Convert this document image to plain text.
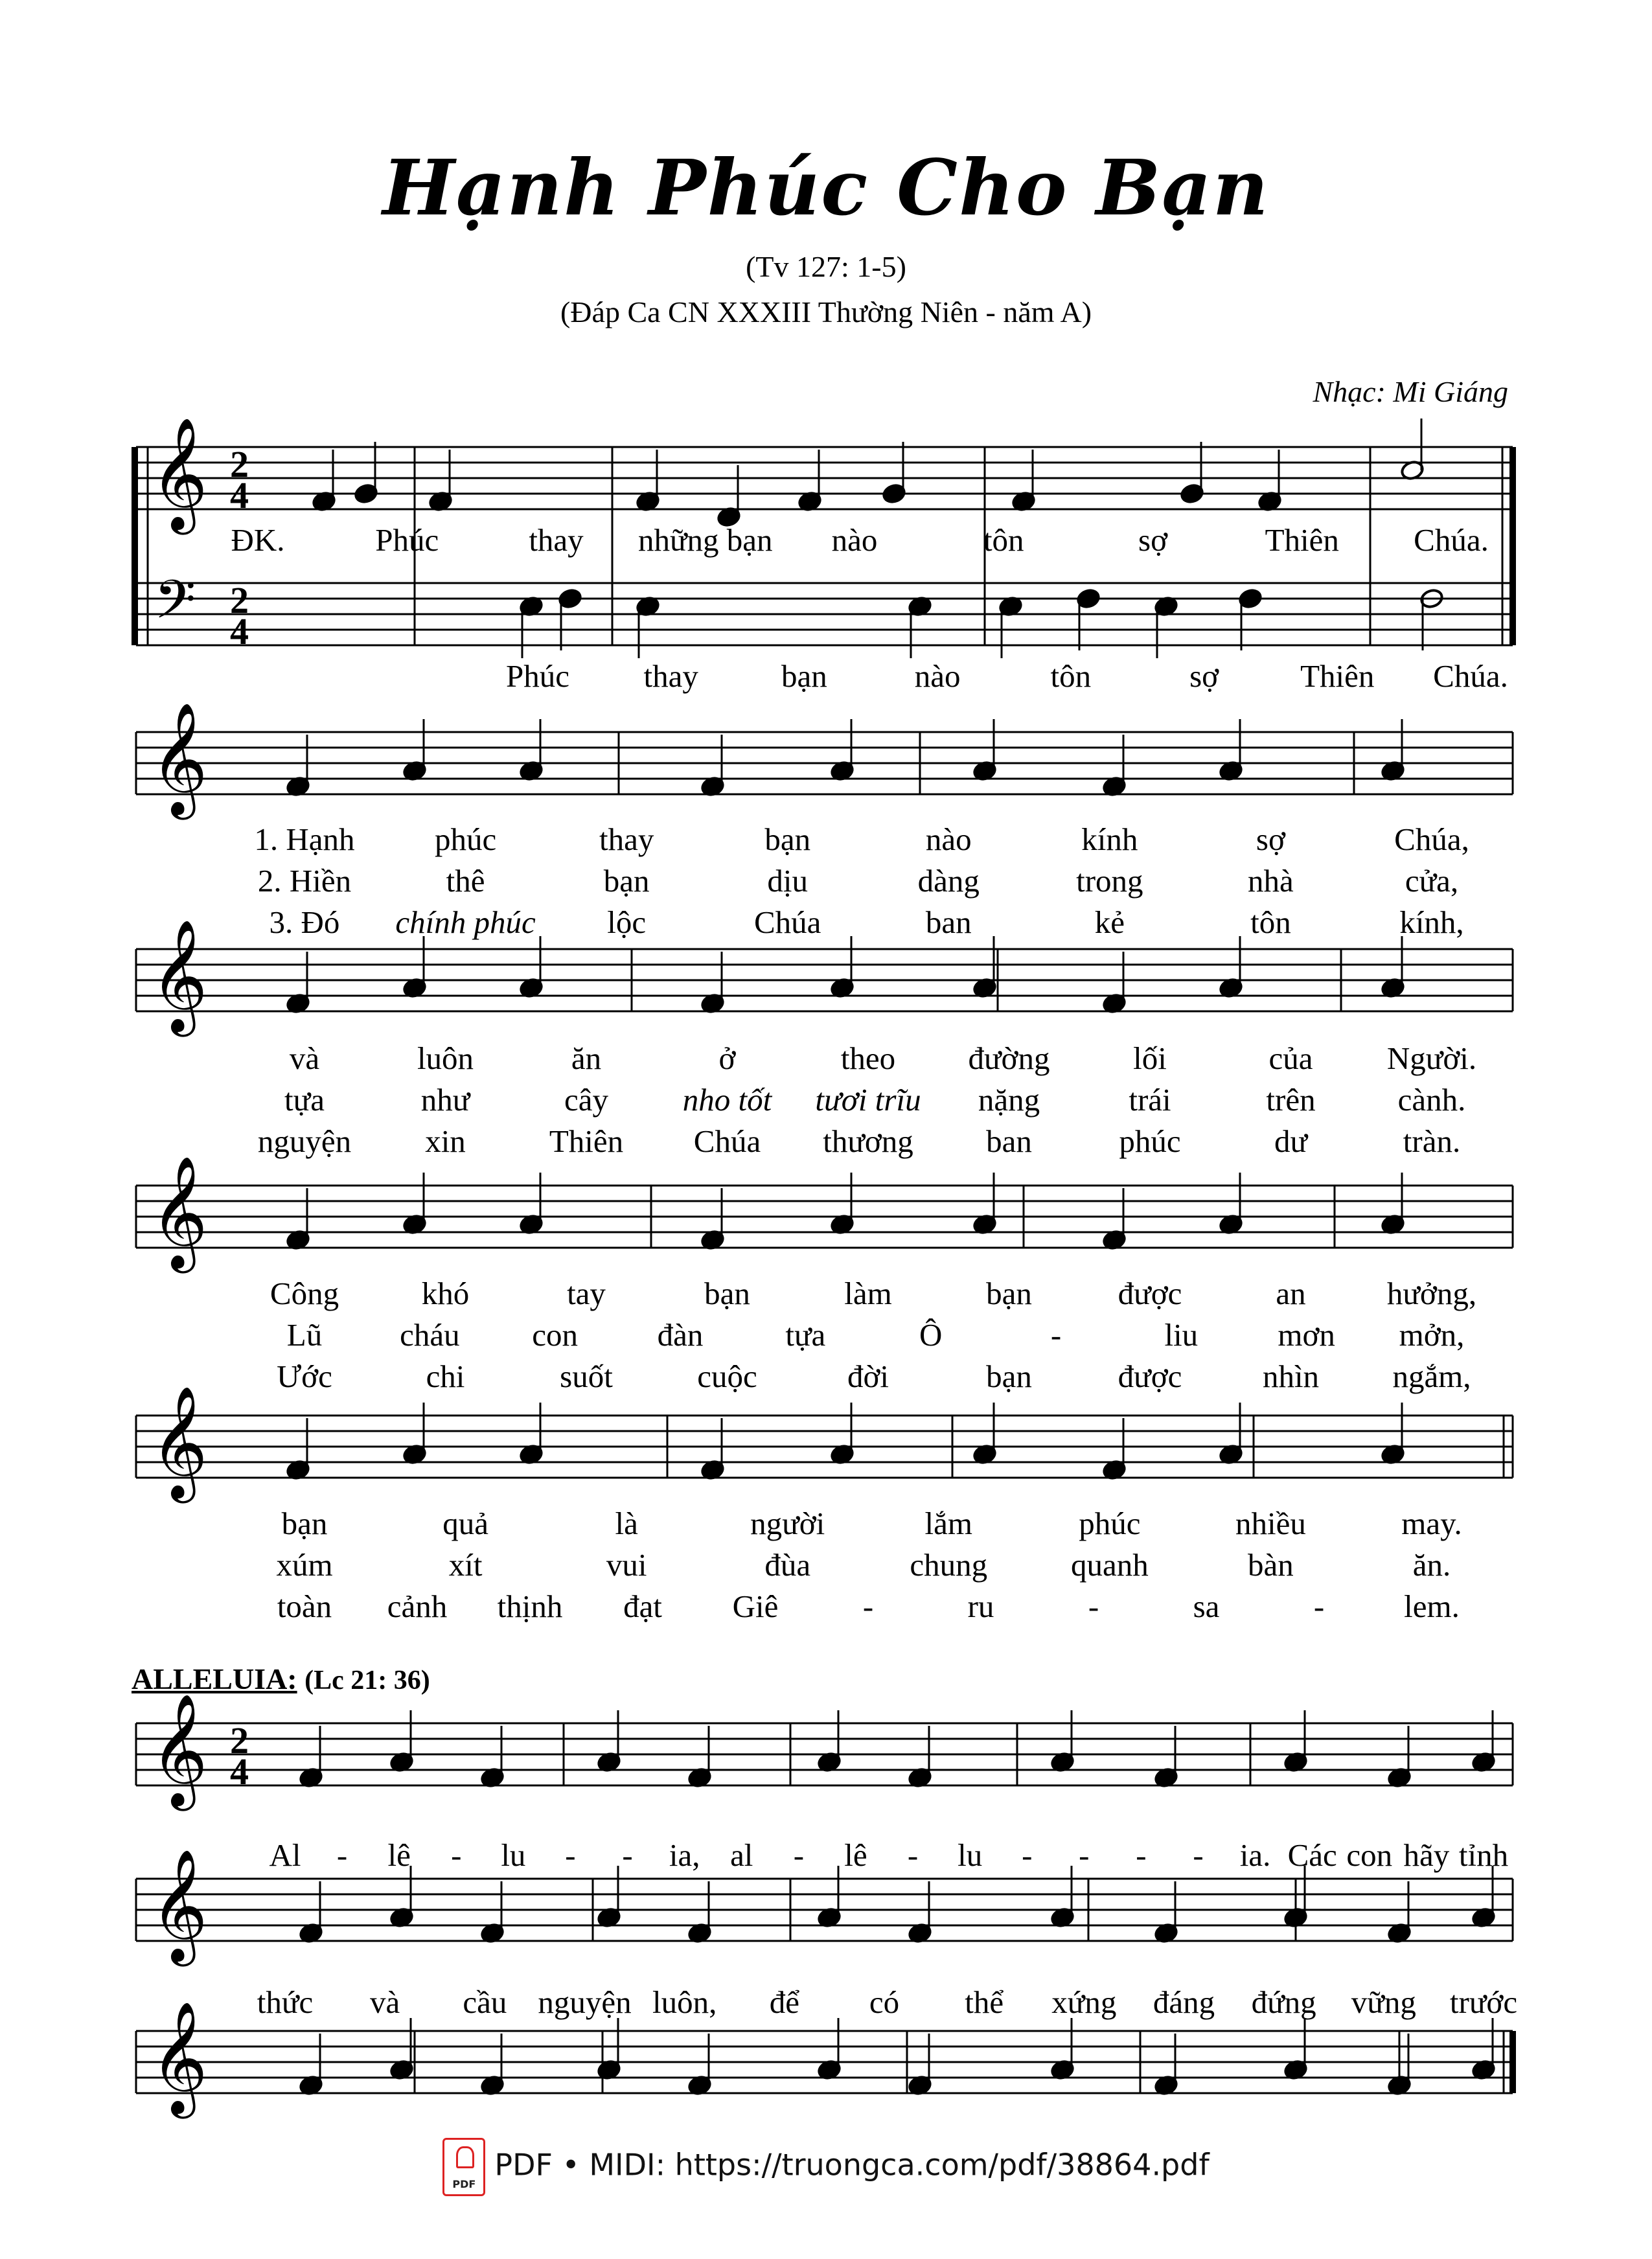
Hạnh Phúc Cho Bạn
(Tv 127: 1-5)
(Đáp Ca CN XXXIII Thường Niên - năm A)
Nhạc: Mi Giáng
ALLELUIA: (Lc 21: 36)
𝄞
𝄢
2
4
2
4
ĐK.	Phúc	thay những bạn nào	tôn	sợ	Thiên Chúa.
Phúc thay	bạn	nào	tôn	sợ	Thiên Chúa.
𝄞
1. Hạnh	phúc	thay	bạn	nào	kính	sợ	Chúa,
2. Hiền	thê	bạn	dịu	dàng	trong	nhà	cửa,
3. Đó chính phúc lộc	Chúa	ban	kẻ	tôn	kính,
𝄞
và	luôn	ăn	ở	theo đường	lối	của Người.
tựa	như	cây nho tốt tươi trĩu nặng	trái	trên	cành.
nguyện xin	Thiên Chúa thương ban	phúc	dư	tràn.
𝄞
Công	khó	tay	bạn	làm	bạn	được	an	hưởng,
Lũ cháu con	đàn	tựa	Ô	-	liu	mơn mởn,
Ước	chi	suốt	cuộc	đời	bạn	được	nhìn ngắm,
𝄞
bạn	quả	là	người	lắm	phúc	nhiều	may.
xúm	xít	vui	đùa	chung	quanh	bàn	ăn.
toàn cảnh thịnh đạt Giê	-	ru	-	sa	-	lem.
𝄞 2
4
Al - lê - lu - - ia, al - lê - lu - - - - ia. Các con hãy tỉnh
𝄞
thức và cầu nguyện luôn, để có thể xứng đáng đứng vững trước
𝄞
PDF
PDF • MIDI: https://truongca.com/pdf/38864.pdf
